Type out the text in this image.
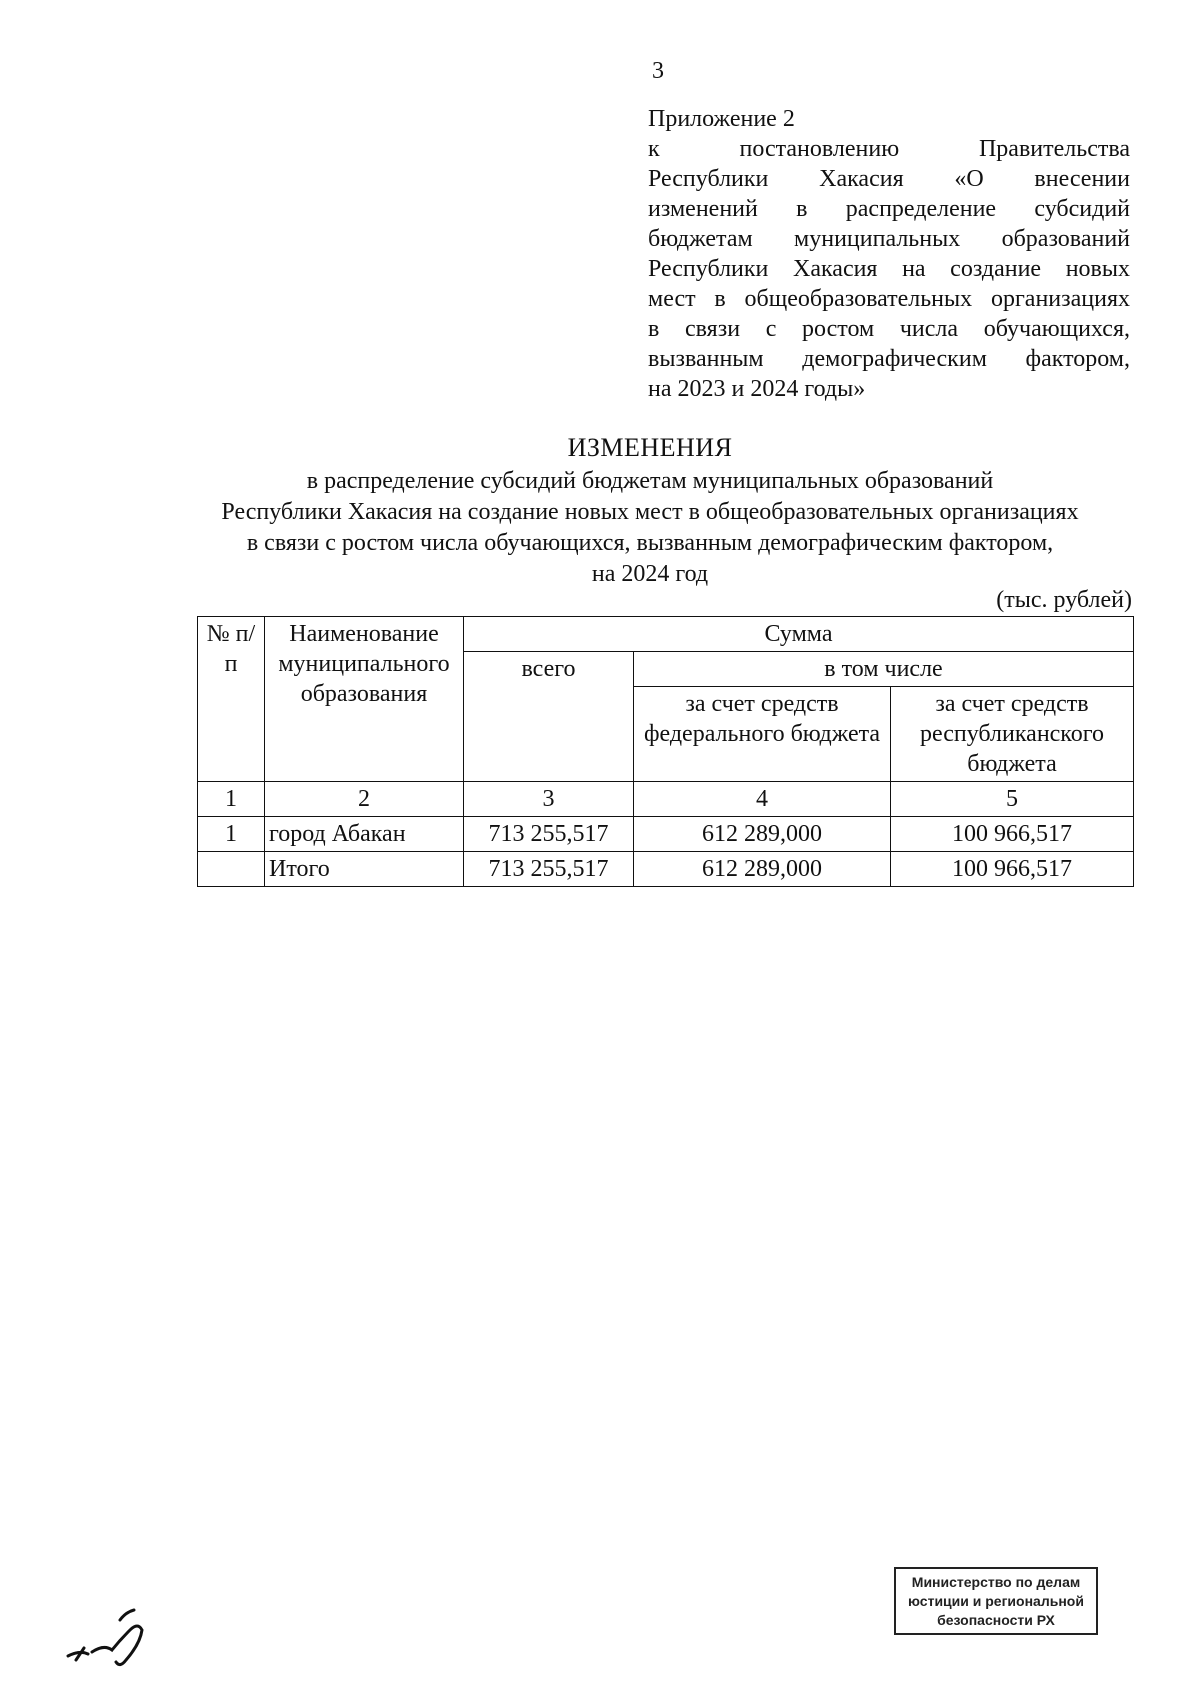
3
Приложение 2
к постановлению Правительства
Республики Хакасия «О внесении
изменений в распределение субсидий
бюджетам муниципальных образований
Республики Хакасия на создание новых
мест в общеобразовательных организациях
в связи с ростом числа обучающихся,
вызванным демографическим фактором,
на 2023 и 2024 годы»
ИЗМЕНЕНИЯ
в распределение субсидий бюджетам муниципальных образований
Республики Хакасия на создание новых мест в общеобразовательных организациях
в связи с ростом числа обучающихся, вызванным демографическим фактором,
на 2024 год
(тыс. рублей)
№ п/п	Наименование муниципального образования	Сумма		
		всего	в том числе	
			за счет средств федерального бюджета	за счет средств республиканского бюджета
1	2	3	4	5
1	город Абакан	713 255,517	612 289,000	100 966,517
	Итого	713 255,517	612 289,000	100 966,517
Министерство по делам
юстиции и региональной
безопасности РХ
